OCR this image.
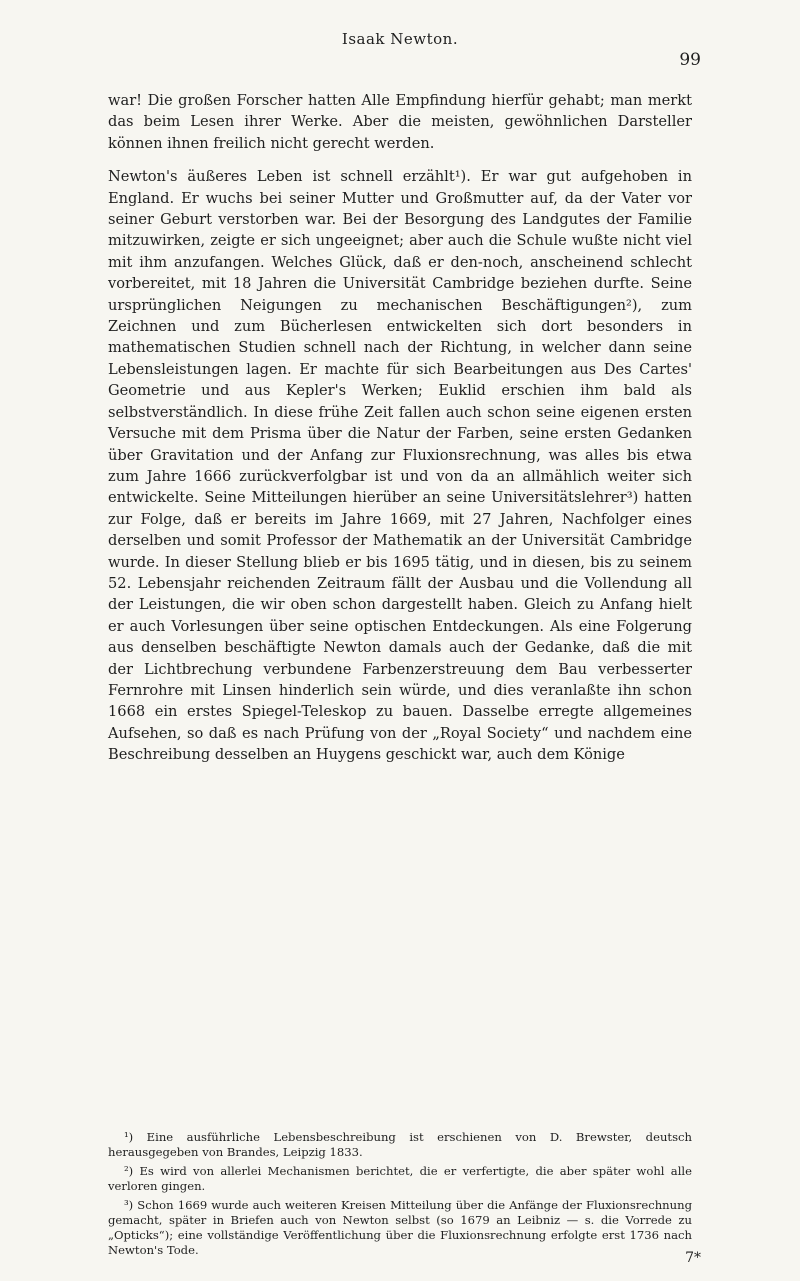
Isaak Newton.
99

war! Die großen Forscher hatten Alle Empfindung hierfür gehabt; man merkt das beim Lesen ihrer Werke. Aber die meisten, gewöhnlichen Darsteller können ihnen freilich nicht gerecht werden.

Newton's äußeres Leben ist schnell erzählt¹). Er war gut aufgehoben in England. Er wuchs bei seiner Mutter und Großmutter auf, da der Vater vor seiner Geburt verstorben war. Bei der Besorgung des Landgutes der Familie mitzuwirken, zeigte er sich ungeeignet; aber auch die Schule wußte nicht viel mit ihm anzufangen. Welches Glück, daß er den-noch, anscheinend schlecht vorbereitet, mit 18 Jahren die Universität Cambridge beziehen durfte. Seine ursprünglichen Neigungen zu mechanischen Beschäftigungen²), zum Zeichnen und zum Bücherlesen entwickelten sich dort besonders in mathematischen Studien schnell nach der Richtung, in welcher dann seine Lebensleistungen lagen. Er machte für sich Bearbeitungen aus Des Cartes' Geometrie und aus Kepler's Werken; Euklid erschien ihm bald als selbstverständlich. In diese frühe Zeit fallen auch schon seine eigenen ersten Versuche mit dem Prisma über die Natur der Farben, seine ersten Gedanken über Gravitation und der Anfang zur Fluxionsrechnung, was alles bis etwa zum Jahre 1666 zurückverfolgbar ist und von da an allmählich weiter sich entwickelte. Seine Mitteilungen hierüber an seine Universitätslehrer³) hatten zur Folge, daß er bereits im Jahre 1669, mit 27 Jahren, Nachfolger eines derselben und somit Professor der Mathematik an der Universität Cambridge wurde. In dieser Stellung blieb er bis 1695 tätig, und in diesen, bis zu seinem 52. Lebensjahr reichenden Zeitraum fällt der Ausbau und die Vollendung all der Leistungen, die wir oben schon dargestellt haben. Gleich zu Anfang hielt er auch Vorlesungen über seine optischen Entdeckungen. Als eine Folgerung aus denselben beschäftigte Newton damals auch der Gedanke, daß die mit der Lichtbrechung verbundene Farbenzerstreuung dem Bau verbesserter Fernrohre mit Linsen hinderlich sein würde, und dies veranlaßte ihn schon 1668 ein erstes Spiegel-Teleskop zu bauen. Dasselbe erregte allgemeines Aufsehen, so daß es nach Prüfung von der „Royal Society“ und nachdem eine Beschreibung desselben an Huygens geschickt war, auch dem Könige

¹) Eine ausführliche Lebensbeschreibung ist erschienen von D. Brewster, deutsch herausgegeben von Brandes, Leipzig 1833.

²) Es wird von allerlei Mechanismen berichtet, die er verfertigte, die aber später wohl alle verloren gingen.

³) Schon 1669 wurde auch weiteren Kreisen Mitteilung über die Anfänge der Fluxionsrechnung gemacht, später in Briefen auch von Newton selbst (so 1679 an Leibniz — s. die Vorrede zu „Opticks“); eine vollständige Veröffentlichung über die Fluxionsrechnung erfolgte erst 1736 nach Newton's Tode.	7*
